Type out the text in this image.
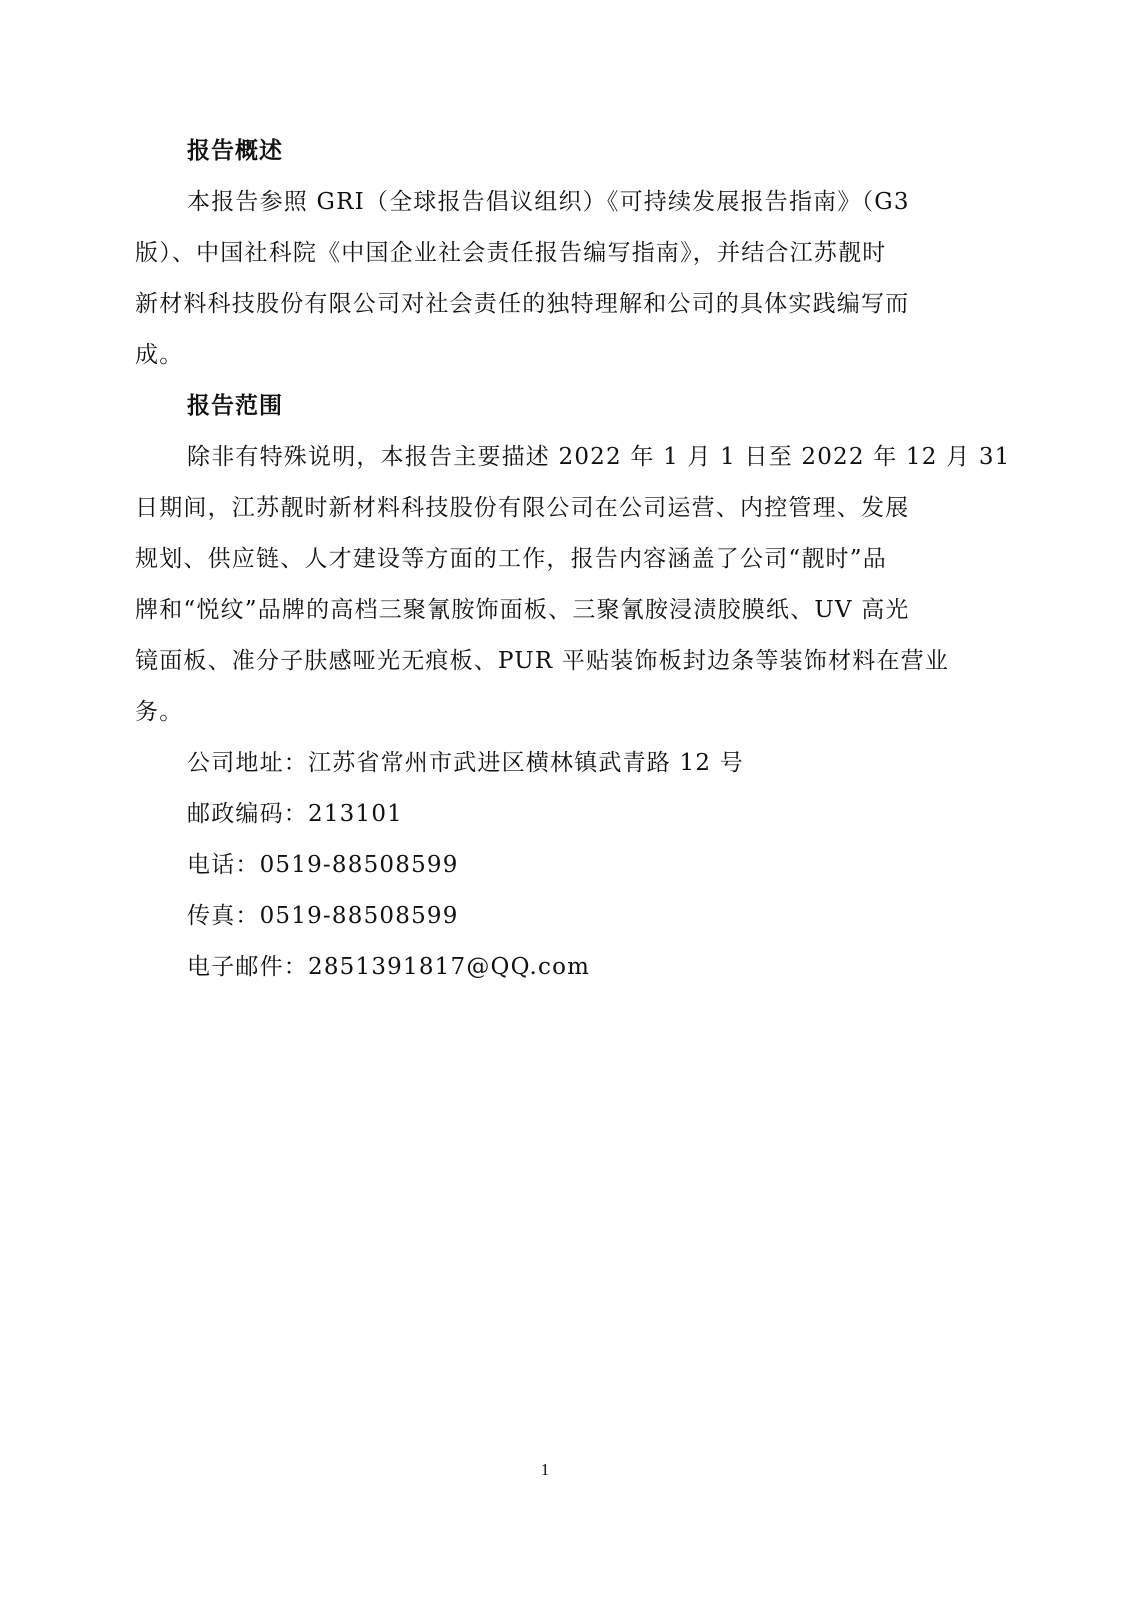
报告概述

本报告参照 GRI（全球报告倡议组织）《可持续发展报告指南》（G3
版）、中国社科院《中国企业社会责任报告编写指南》，并结合江苏靓时
新材料科技股份有限公司对社会责任的独特理解和公司的具体实践编写而
成。

报告范围

除非有特殊说明，本报告主要描述 2022 年 1 月 1 日至 2022 年 12 月 31
日期间，江苏靓时新材料科技股份有限公司在公司运营、内控管理、发展
规划、供应链、人才建设等方面的工作，报告内容涵盖了公司“靓时”品
牌和“悦纹”品牌的高档三聚氰胺饰面板、三聚氰胺浸渍胶膜纸、UV 高光
镜面板、准分子肤感哑光无痕板、PUR 平贴装饰板封边条等装饰材料在营业
务。

公司地址：江苏省常州市武进区横林镇武青路 12 号

邮政编码：213101

电话：0519-88508599

传真：0519-88508599

电子邮件：2851391817@QQ.com

1
